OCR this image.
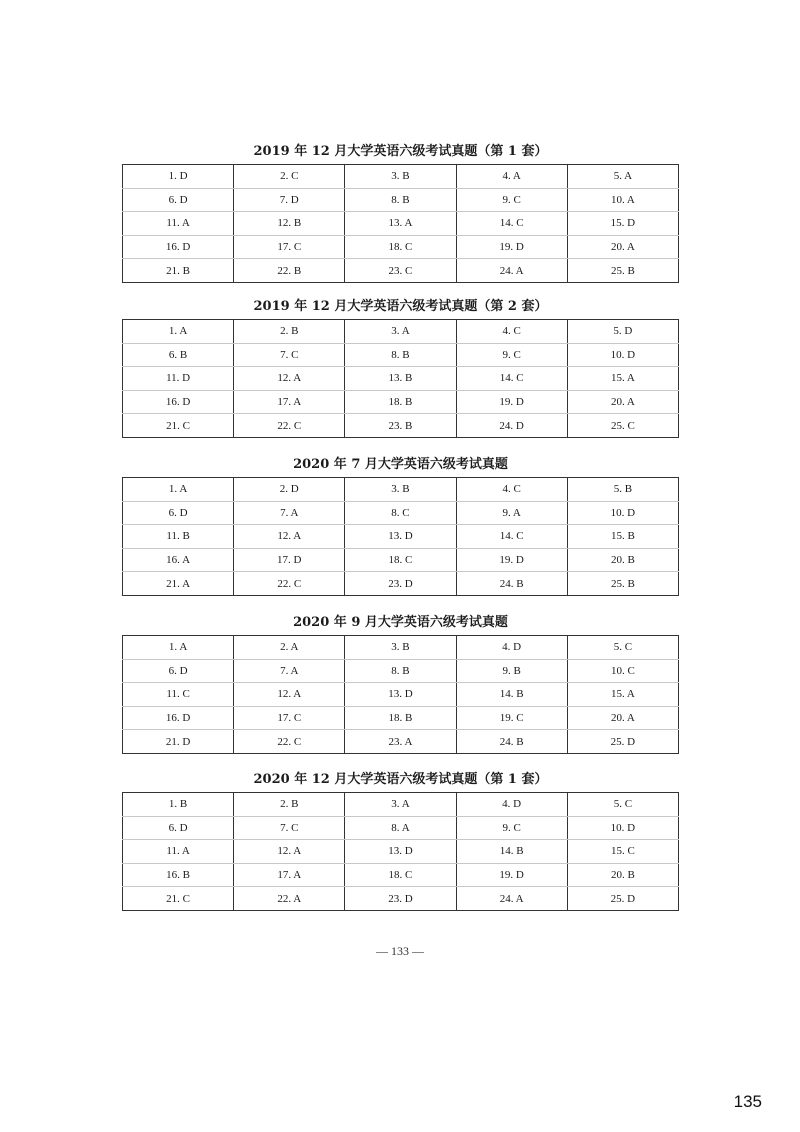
2019 年 12 月大学英语六级考试真题（第 1 套）
1. D	2. C	3. B	4. A	5. A
6. D	7. D	8. B	9. C	10. A
11. A	12. B	13. A	14. C	15. D
16. D	17. C	18. C	19. D	20. A
21. B	22. B	23. C	24. A	25. B
2019 年 12 月大学英语六级考试真题（第 2 套）
1. A	2. B	3. A	4. C	5. D
6. B	7. C	8. B	9. C	10. D
11. D	12. A	13. B	14. C	15. A
16. D	17. A	18. B	19. D	20. A
21. C	22. C	23. B	24. D	25. C
2020 年 7 月大学英语六级考试真题
1. A	2. D	3. B	4. C	5. B
6. D	7. A	8. C	9. A	10. D
11. B	12. A	13. D	14. C	15. B
16. A	17. D	18. C	19. D	20. B
21. A	22. C	23. D	24. B	25. B
2020 年 9 月大学英语六级考试真题
1. A	2. A	3. B	4. D	5. C
6. D	7. A	8. B	9. B	10. C
11. C	12. A	13. D	14. B	15. A
16. D	17. C	18. B	19. C	20. A
21. D	22. C	23. A	24. B	25. D
2020 年 12 月大学英语六级考试真题（第 1 套）
1. B	2. B	3. A	4. D	5. C
6. D	7. C	8. A	9. C	10. D
11. A	12. A	13. D	14. B	15. C
16. B	17. A	18. C	19. D	20. B
21. C	22. A	23. D	24. A	25. D
— 133 —
135
